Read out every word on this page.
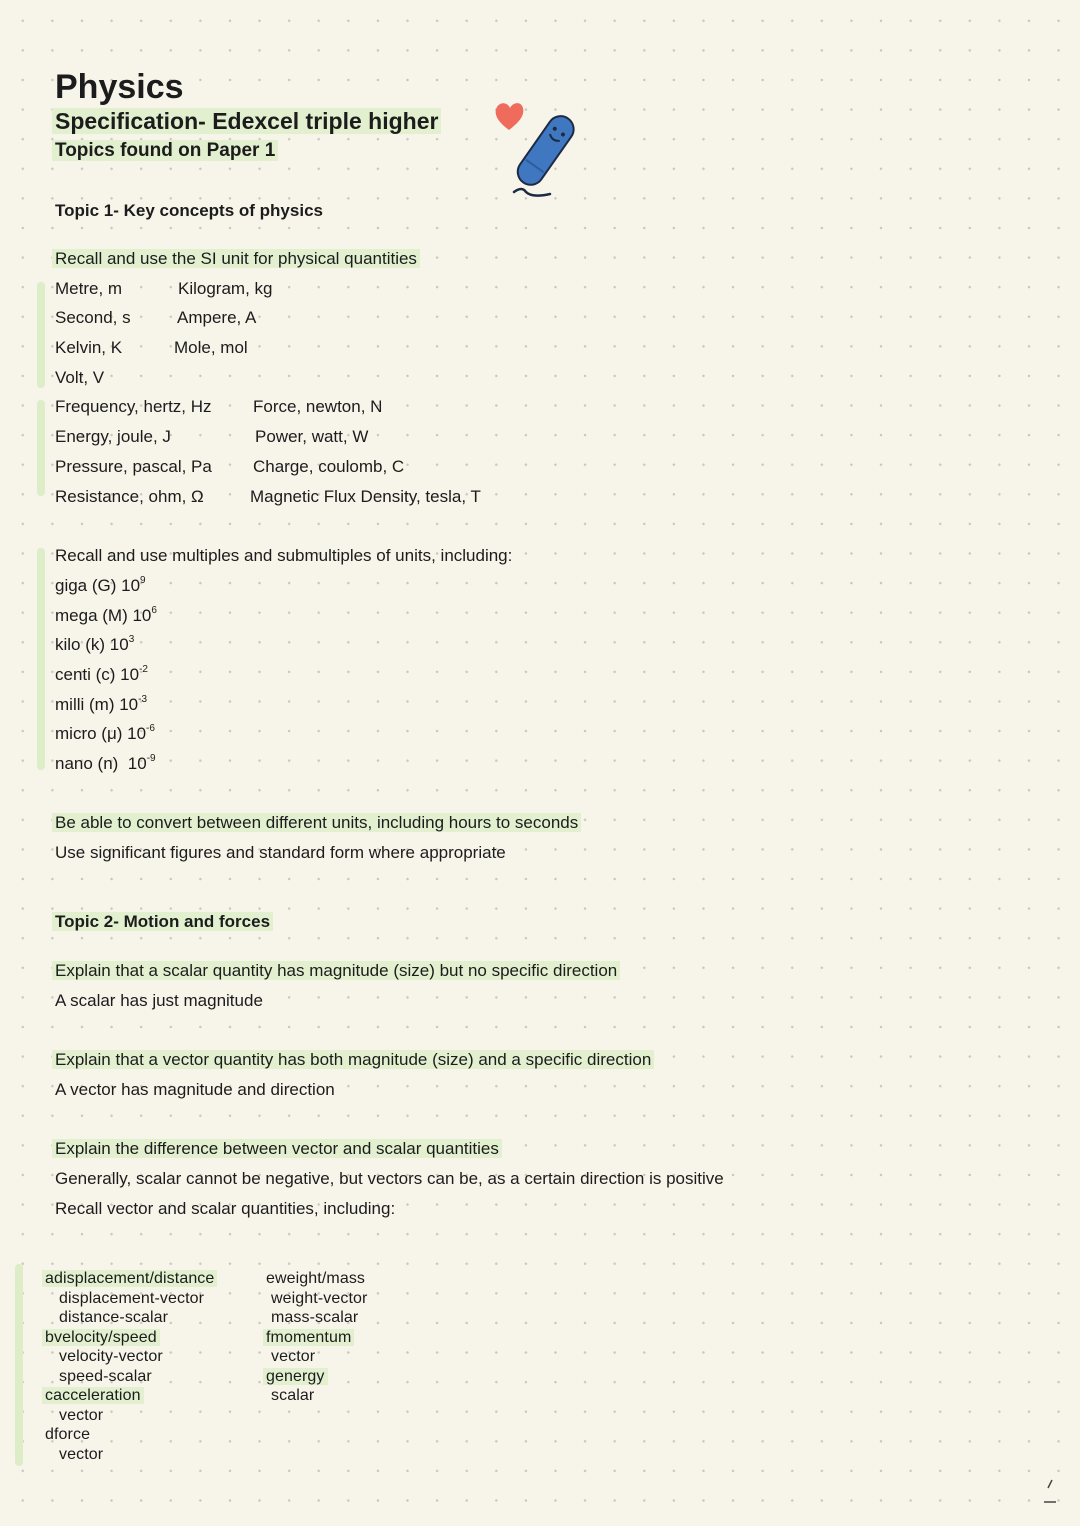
Physics
Specification- Edexcel triple higher
Topics found on Paper 1
Topic 1- Key concepts of physics
Recall and use the SI unit for physical quantities
Metre, m
Second, s
Kelvin, K
Volt, V
Kilogram, kg
Ampere, A
Mole, mol
Frequency, hertz, Hz
Energy, joule, J
Pressure, pascal, Pa
Resistance, ohm, Ω
Force, newton, N
Power, watt, W
Charge, coulomb, C
Magnetic Flux Density, tesla, T
Recall and use multiples and submultiples of units, including:
giga (G) $10^9$
mega (M) $10^6$
kilo (k) $10^3$
centi (c) $10^{-2}$
milli (m) $10^{-3}$
micro (μ) $10^{-6}$
nano (n)  $10^{-9}$
Be able to convert between different units, including hours to seconds
Use significant figures and standard form where appropriate
Topic 2- Motion and forces
Explain that a scalar quantity has magnitude (size) but no specific direction
A scalar has just magnitude
Explain that a vector quantity has both magnitude (size) and a specific direction
A vector has magnitude and direction
Explain the difference between vector and scalar quantities
Generally, scalar cannot be negative, but vectors can be, as a certain direction is positive
Recall vector and scalar quantities, including:
adisplacement/distance
displacement-vector
distance-scalar
bvelocity/speed
velocity-vector
speed-scalar
cacceleration
vector
dforce
vector
eweight/mass
weight-vector
mass-scalar
fmomentum
vector
genergy
scalar
